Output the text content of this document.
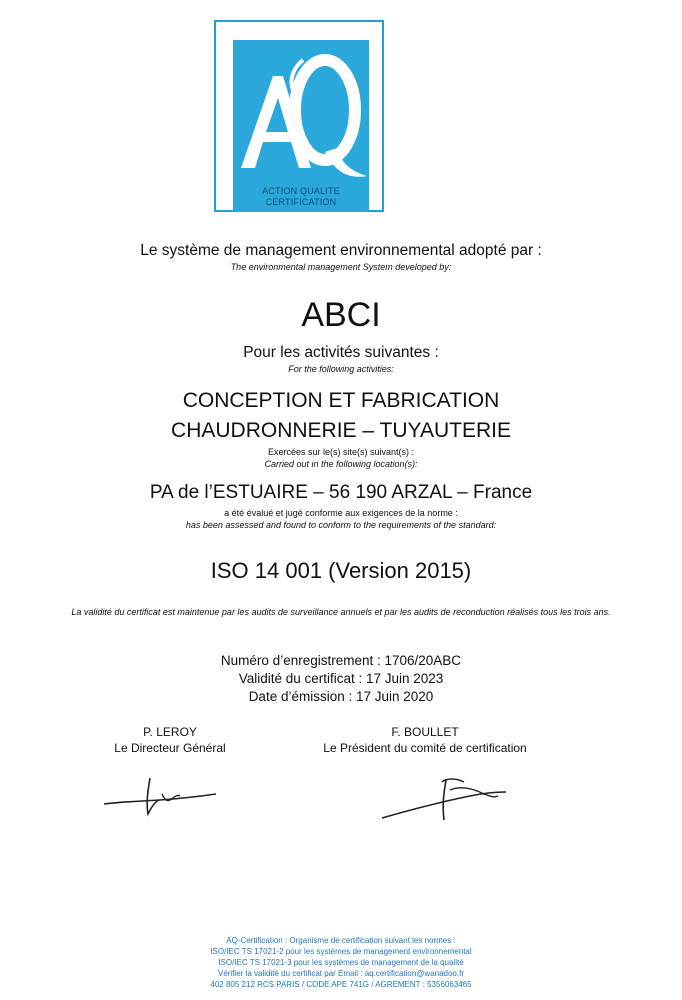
ACTION QUALITE
CERTIFICATION
Le système de management environnemental adopté par :
The environmental management System developed by:
ABCI
Pour les activités suivantes :
For the following activities:
CONCEPTION ET FABRICATION
CHAUDRONNERIE – TUYAUTERIE
Exercées sur le(s) site(s) suivant(s) :
Carried out in the following location(s):
PA de l’ESTUAIRE – 56 190 ARZAL – France
a été évalué et jugé conforme aux exigences de la norme :
has been assessed and found to conform to the requirements of the standard:
ISO 14 001 (Version 2015)
La validité du certificat est maintenue par les audits de surveillance annuels et par les audits de reconduction réalisés tous les trois ans.
Numéro d’enregistrement : 1706/20ABC
Validité du certificat : 17 Juin 2023
Date d’émission : 17 Juin 2020
P. LEROY
Le Directeur Général
F. BOULLET
Le Président du comité de certification
AQ-Certification : Organisme de certification suivant les normes :
ISO/IEC TS 17021-2 pour les systèmes de management environnemental
ISO/IEC TS 17021-3 pour les systèmes de management de la qualité
Vérifier la validité du certificat par Email : aq.certification@wanadoo.fr
402 805 212 RCS PARIS / CODE APE 741G / AGREMENT : 5356063465
